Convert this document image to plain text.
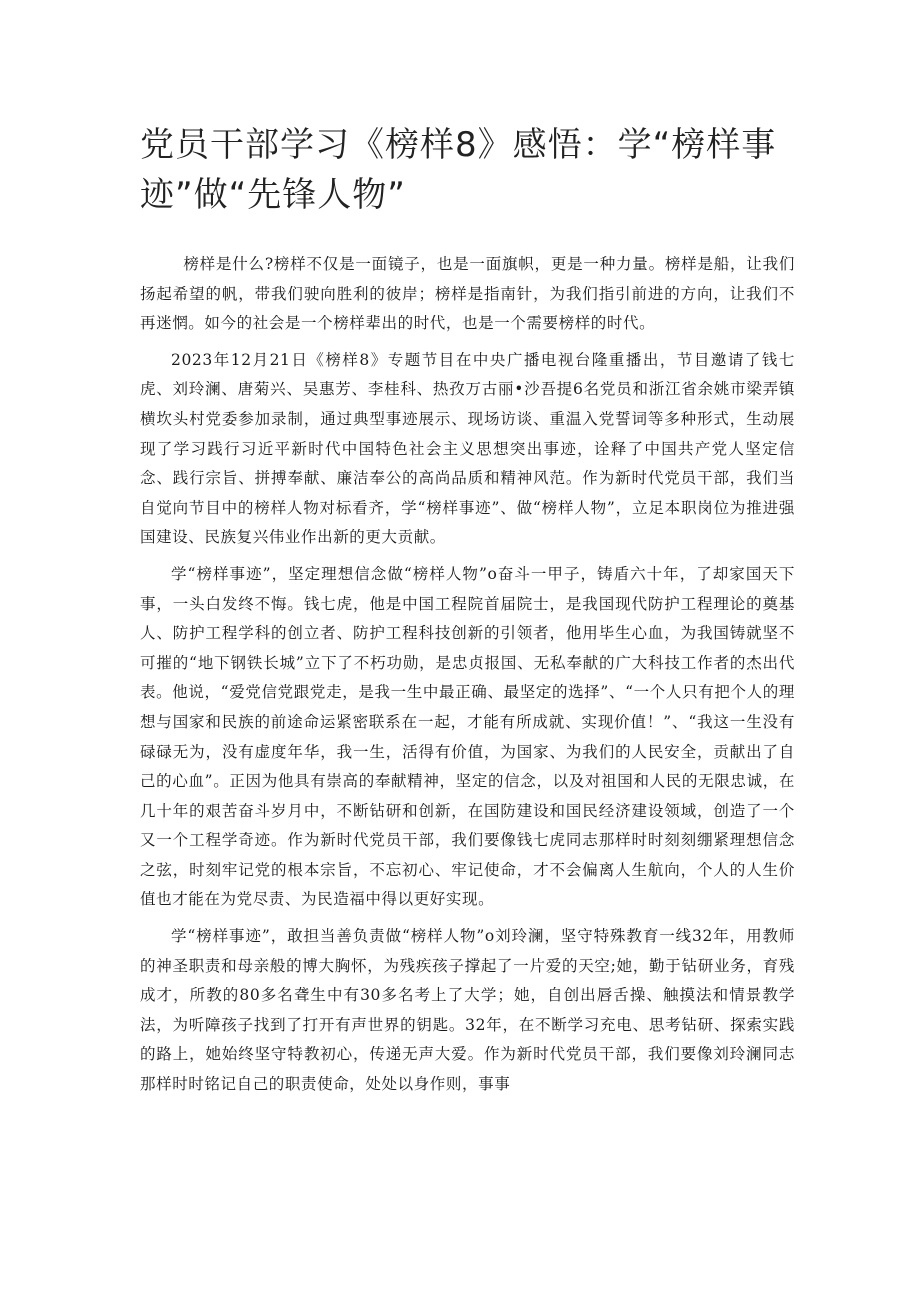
党员干部学习《榜样8》感悟：学“榜样事迹”做“先锋人物”

榜样是什么?榜样不仅是一面镜子，也是一面旗帜，更是一种力量。榜样是船，让我们扬起希望的帆，带我们驶向胜利的彼岸；榜样是指南针，为我们指引前进的方向，让我们不再迷惘。如今的社会是一个榜样辈出的时代，也是一个需要榜样的时代。

2023年12月21日《榜样8》专题节目在中央广播电视台隆重播出，节目邀请了钱七虎、刘玲澜、唐菊兴、吴惠芳、李桂科、热孜万古丽•沙吾提6名党员和浙江省余姚市梁弄镇横坎头村党委参加录制，通过典型事迹展示、现场访谈、重温入党誓词等多种形式，生动展现了学习践行习近平新时代中国特色社会主义思想突出事迹，诠释了中国共产党人坚定信念、践行宗旨、拼搏奉献、廉洁奉公的高尚品质和精神风范。作为新时代党员干部，我们当自觉向节目中的榜样人物对标看齐，学“榜样事迹”、做“榜样人物”，立足本职岗位为推进强国建设、民族复兴伟业作出新的更大贡献。

学“榜样事迹”，坚定理想信念做“榜样人物”o奋斗一甲子，铸盾六十年，了却家国天下事，一头白发终不悔。钱七虎，他是中国工程院首届院士，是我国现代防护工程理论的奠基人、防护工程学科的创立者、防护工程科技创新的引领者，他用毕生心血，为我国铸就坚不可摧的“地下钢铁长城”立下了不朽功勋，是忠贞报国、无私奉献的广大科技工作者的杰出代表。他说，“爱党信党跟党走，是我一生中最正确、最坚定的选择”、“一个人只有把个人的理想与国家和民族的前途命运紧密联系在一起，才能有所成就、实现价值！”、“我这一生没有碌碌无为，没有虚度年华，我一生，活得有价值，为国家、为我们的人民安全，贡献出了自己的心血”。正因为他具有崇高的奉献精神，坚定的信念，以及对祖国和人民的无限忠诚，在几十年的艰苦奋斗岁月中，不断钻研和创新，在国防建设和国民经济建设领域，创造了一个又一个工程学奇迹。作为新时代党员干部，我们要像钱七虎同志那样时时刻刻绷紧理想信念之弦，时刻牢记党的根本宗旨，不忘初心、牢记使命，才不会偏离人生航向，个人的人生价值也才能在为党尽责、为民造福中得以更好实现。

学“榜样事迹”，敢担当善负责做“榜样人物”o刘玲澜，坚守特殊教育一线32年，用教师的神圣职责和母亲般的博大胸怀，为残疾孩子撑起了一片爱的天空;她，勤于钻研业务，育残成才，所教的80多名聋生中有30多名考上了大学；她，自创出唇舌操、触摸法和情景教学法，为听障孩子找到了打开有声世界的钥匙。32年，在不断学习充电、思考钻研、探索实践的路上，她始终坚守特教初心，传递无声大爱。作为新时代党员干部，我们要像刘玲澜同志那样时时铭记自己的职责使命，处处以身作则，事事
